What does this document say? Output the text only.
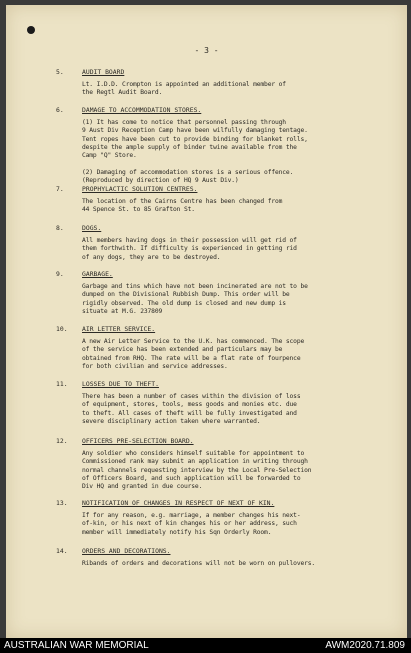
- 3 -
5.	AUDIT BOARD
Lt. I.D.D. Crompton is appointed an additional member of
the Regtl Audit Board.
6.	DAMAGE TO ACCOMMODATION STORES.
(1) It has come to notice that personnel passing through
9 Aust Div Reception Camp have been wilfully damaging tentage.
Tent ropes have been cut to provide binding for blanket rolls,
despite the ample supply of binder twine available from the
Camp "Q" Store.
(2) Damaging of accommodation stores is a serious offence.
(Reproduced by direction of HQ 9 Aust Div.)
7.	PROPHYLACTIC SOLUTION CENTRES.
The location of the Cairns Centre has been changed from
44 Spence St. to 85 Grafton St.
8.	DOGS.
All members having dogs in their possession will get rid of
them forthwith. If difficulty is experienced in getting rid
of any dogs, they are to be destroyed.
9.	GARBAGE.
Garbage and tins which have not been incinerated are not to be
dumped on the Divisional Rubbish Dump. This order will be
rigidly observed. The old dump is closed and new dump is
situate at M.G. 237809
10. AIR LETTER SERVICE.
A new Air Letter Service to the U.K. has commenced. The scope
of the service has been extended and particulars may be
obtained from RHQ. The rate will be a flat rate of fourpence
for both civilian and service addresses.
11. LOSSES DUE TO THEFT.
There has been a number of cases within the division of loss
of equipment, stores, tools, mess goods and monies etc. due
to theft. All cases of theft will be fully investigated and
severe disciplinary action taken where warranted.
12. OFFICERS PRE-SELECTION BOARD.
Any soldier who considers himself suitable for appointment to
Commissioned rank may submit an application in writing through
normal channels requesting interview by the Local Pre-Selection
of Officers Board, and such application will be forwarded to
Div HQ and granted in due course.
13. NOTIFICATION OF CHANGES IN RESPECT OF NEXT OF KIN.
If for any reason, e.g. marriage, a member changes his next-
of-kin, or his next of kin changes his or her address, such
member will immediately notify his Sqn Orderly Room.
14. ORDERS AND DECORATIONS.
Ribands of orders and decorations will not be worn on pullovers.
AUSTRALIAN WAR MEMORIAL	AWM2020.71.809
